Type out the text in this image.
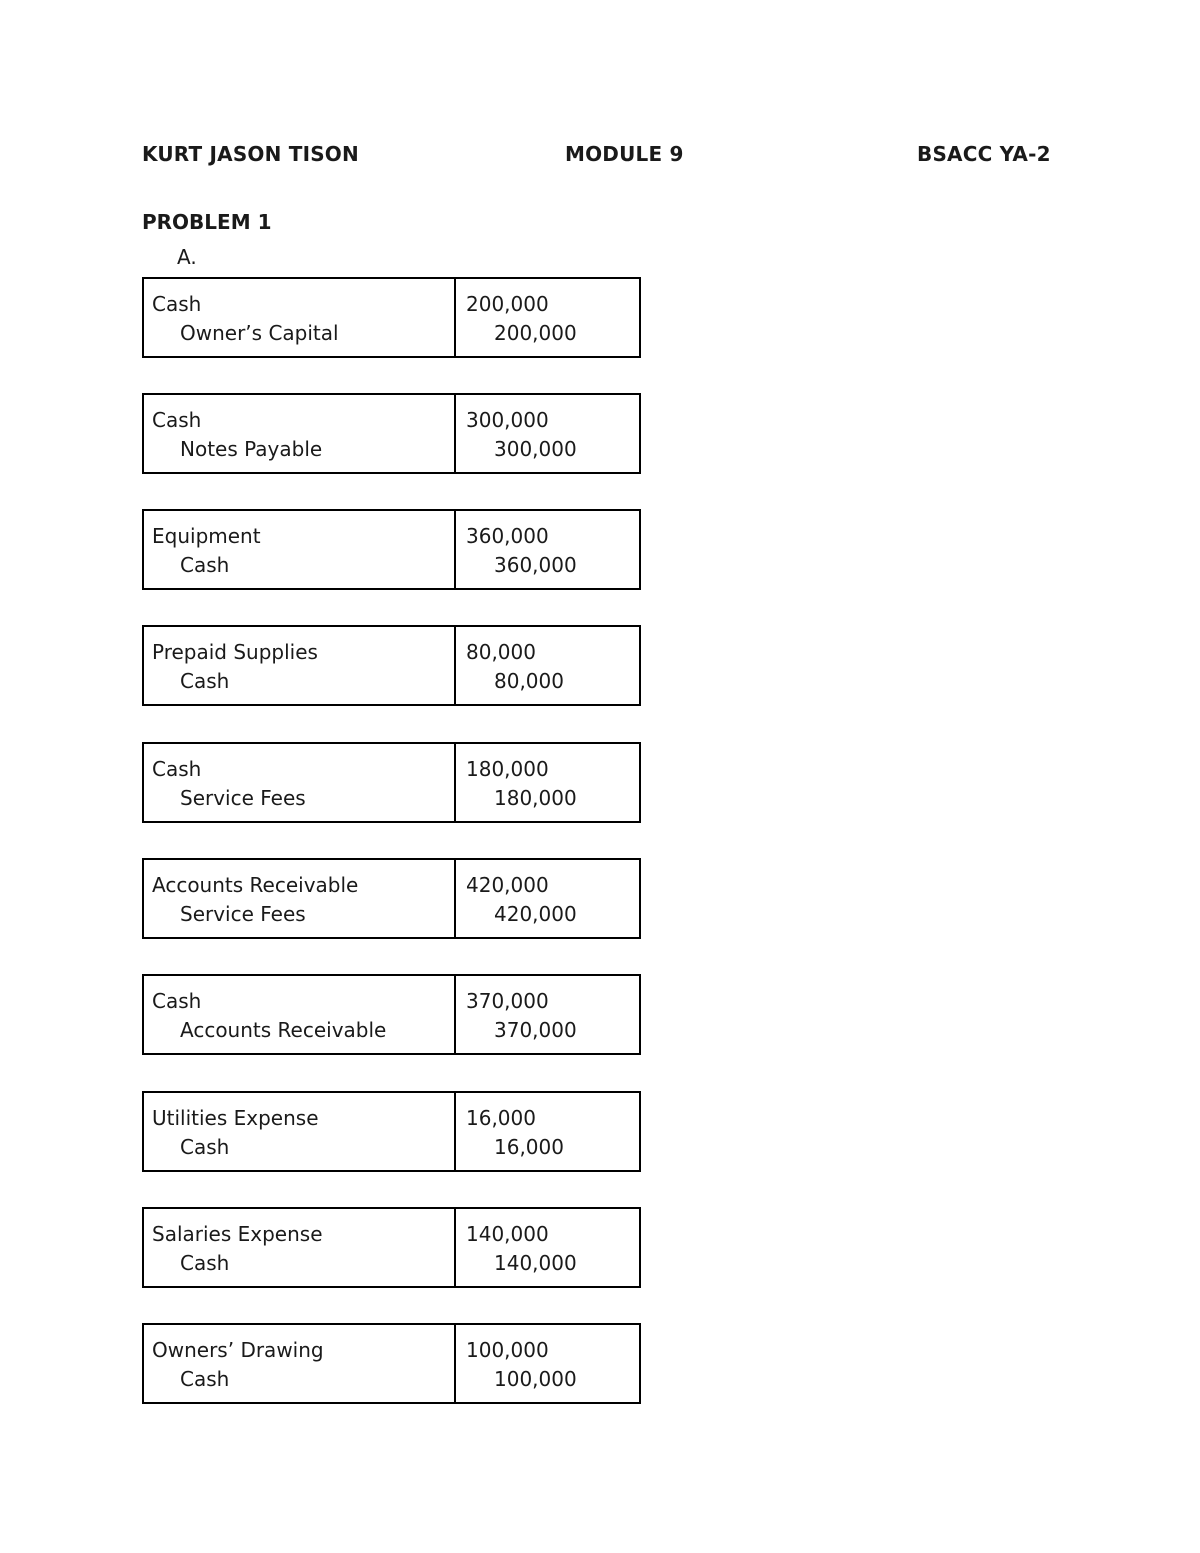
KURT JASON TISON	MODULE 9	BSACC YA-2
PROBLEM 1
A.
Cash
Owner’s Capital
200,000
200,000
Cash
Notes Payable
300,000
300,000
Equipment
Cash
360,000
360,000
Prepaid Supplies
Cash
80,000
80,000
Cash
Service Fees
180,000
180,000
Accounts Receivable
Service Fees
420,000
420,000
Cash
Accounts Receivable
370,000
370,000
Utilities Expense
Cash
16,000
16,000
Salaries Expense
Cash
140,000
140,000
Owners’ Drawing
Cash
100,000
100,000
